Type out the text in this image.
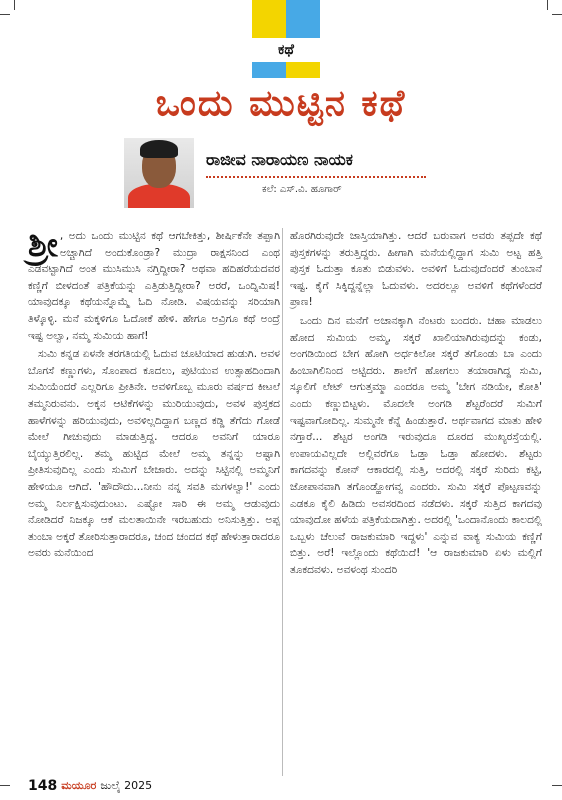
ಕಥೆ
ಒಂದು ಮುಟ್ಟಿನ ಕಥೆ
ರಾಜೀವ ನಾರಾಯಣ ನಾಯಕ
ಕಲೆ: ಎಸ್.ವಿ. ಹೂಗಾರ್

ಶ್ರೀ , ಅದು ಒಂದು ಮುಟ್ಟಿನ ಕಥೆ ಆಗಬೇಕಿತ್ತು, ಶೀರ್ಷಿಕೆನೇ ತಪ್ಪಾಗಿ ಅಚ್ಚಾಗಿದೆ ಅಂದುಕೊಂಡ್ರಾ? ಮುದ್ರಾ ರಾಕ್ಷಸನಿಂದ ಎಂಥ ಎಡವಟ್ಟಾಗಿದೆ ಅಂತ ಮುಸಿಮುಸಿ ನಗ್ತಿದ್ದೀರಾ? ಅಥವಾ ಹದಿಹರೆಯದವರ ಕಣ್ಣಿಗೆ ಬೀಳದಂತೆ ಪತ್ರಿಕೆಯನ್ನು ಎತ್ತಿಡುತ್ತಿದ್ದೀರಾ? ಅರರೆ, ಒಂದ್ನಿಮಿಷ! ಯಾವುದಕ್ಕೂ ಕಥೆಯನ್ನೊಮ್ಮೆ ಓದಿ ನೋಡಿ. ವಿಷಯವನ್ನು ಸರಿಯಾಗಿ ತಿಳ್ಕೊಳ್ಳಿ. ಮನೆ ಮಕ್ಕಳಿಗೂ ಓದೋಕೆ ಹೇಳಿ. ಹೇಗೂ ಅವ್ರಿಗೂ ಕಥೆ ಅಂದ್ರೆ ಇಷ್ಟ ಅಲ್ವಾ, ನಮ್ಮ ಸುಮಿಯ ಹಾಗೆ!

ಸುಮಿ ಕನ್ನಡ ಏಳನೇ ತರಗತಿಯಲ್ಲಿ ಓದುವ ಚೂಟಿಯಾದ ಹುಡುಗಿ. ಅವಳ ಬೊಗಸೆ ಕಣ್ಣುಗಳು, ಸೊಂಪಾದ ಕೂದಲು, ಪುಟಿಯುವ ಉತ್ಸಾಹದಿಂದಾಗಿ ಸುಮಿಯೆಂದರೆ ಎಲ್ಲರಿಗೂ ಪ್ರೀತಿನೇ. ಅವಳಿಗೊಬ್ಬ ಮೂರು ವರ್ಷದ ಕೀಟಲೆ ತಮ್ಮನಿರುವನು. ಅಕ್ಕನ ಆಟಿಕೆಗಳನ್ನು ಮುರಿಯುವುದು, ಅವಳ ಪುಸ್ತಕದ ಹಾಳೆಗಳನ್ನು ಹರಿಯುವುದು, ಅವಳಿಲ್ಲದಿದ್ದಾಗ ಬಣ್ಣದ ಕಡ್ಡಿ ತೆಗೆದು ಗೋಡೆ ಮೇಲೆ ಗೀಚುವುದು ಮಾಡುತ್ತಿದ್ದ. ಆದರೂ ಅವನಿಗೆ ಯಾರೂ ಬೈಯ್ಯುತ್ತಿರಲಿಲ್ಲ. ತಮ್ಮ ಹುಟ್ಟಿದ ಮೇಲೆ ಅಮ್ಮ ತನ್ನನ್ನು ಅಷ್ಟಾಗಿ ಪ್ರೀತಿಸುವುದಿಲ್ಲ ಎಂದು ಸುಮಿಗೆ ಬೇಜಾರು. ಅದನ್ನು ಸಿಟ್ಟಿನಲ್ಲಿ ಅಮ್ಮನಿಗೆ ಹೇಳಿಯೂ ಆಗಿದೆ. 'ಹೌದೌದು...ನೀನು ನನ್ನ ಸವತಿ ಮಗಳಲ್ವಾ!' ಎಂದು ಅಮ್ಮ ನಿರ್ಲಕ್ಷಿಸುವುದುಂಟು. ಎಷ್ಟೋ ಸಾರಿ ಈ ಅಮ್ಮ ಆಡುವುದು ನೋಡಿದರೆ ನಿಜಕ್ಕೂ ಆಕೆ ಮಲತಾಯಿನೇ ಇರಬಹುದು ಅನಿಸುತ್ತಿತ್ತು. ಅಪ್ಪ ತುಂಬಾ ಅಕ್ಕರೆ ತೋರಿಸುತ್ತಾರಾದರೂ, ಚಂದ ಚಂದದ ಕಥೆ ಹೇಳುತ್ತಾರಾದರೂ ಅವರು ಮನೆಯಿಂದ

ಹೊರಗಿರುವುದೇ ಜಾಸ್ತಿಯಾಗಿತ್ತು. ಆದರೆ ಬರುವಾಗ ಅವರು ತಪ್ಪದೇ ಕಥೆ ಪುಸ್ತಕಗಳನ್ನು ತರುತ್ತಿದ್ದರು. ಹೀಗಾಗಿ ಮನೆಯಲ್ಲಿದ್ದಾಗ ಸುಮಿ ಅಟ್ಟ ಹತ್ತಿ ಪುಸ್ತಕ ಓದುತ್ತಾ ಕೂತು ಬಿಡುವಳು. ಅವಳಿಗೆ ಓದುವುದೆಂದರೆ ತುಂಬಾನೆ ಇಷ್ಟ. ಕೈಗೆ ಸಿಕ್ಕಿದ್ದನ್ನೆಲ್ಲಾ ಓದುವಳು. ಅದರಲ್ಲೂ ಅವಳಿಗೆ ಕಥೆಗಳೆಂದರೆ ಪ್ರಾಣ!

ಒಂದು ದಿನ ಮನೆಗೆ ಅಚಾನಕ್ಕಾಗಿ ನೆಂಟರು ಬಂದರು. ಚಹಾ ಮಾಡಲು ಹೋದ ಸುಮಿಯ ಅಮ್ಮ, ಸಕ್ಕರೆ ಖಾಲಿಯಾಗಿರುವುದನ್ನು ಕಂಡು, ಅಂಗಡಿಯಿಂದ ಬೇಗ ಹೋಗಿ ಅರ್ಧಕಿಲೋ ಸಕ್ಕರೆ ತಗೊಂಡು ಬಾ ಎಂದು ಹಿಂಬಾಗಿಲಿನಿಂದ ಅಟ್ಟಿದರು. ಶಾಲೆಗೆ ಹೋಗಲು ತಯಾರಾಗಿದ್ದ ಸುಮಿ, ಸ್ಕೂಲಿಗೆ ಲೇಟ್ ಆಗುತ್ತಮ್ಮಾ ಎಂದರೂ ಅಮ್ಮ 'ಬೇಗ ನಡಿಯೇ, ಕೋತಿ' ಎಂದು ಕಣ್ಣುಬಿಟ್ಟಳು. ಮೊದಲೇ ಅಂಗಡಿ ಶೆಟ್ಟರೆಂದರೆ ಸುಮಿಗೆ ಇಷ್ಟವಾಗೋದಿಲ್ಲ. ಸುಮ್ಮನೇ ಕೆನ್ನೆ ಹಿಂಡುತ್ತಾರೆ. ಅರ್ಥವಾಗದ ಮಾತು ಹೇಳಿ ನಗ್ತಾರೆ... ಶೆಟ್ಟರ ಅಂಗಡಿ ಇರುವುದೂ ದೂರದ ಮುಖ್ಯರಸ್ತೆಯಲ್ಲಿ. ಉಪಾಯವಿಲ್ಲದೇ ಅಲ್ಲಿವರೆಗೂ ಓಡ್ತಾ ಓಡ್ತಾ ಹೋದಳು. ಶೆಟ್ಟರು ಕಾಗದವನ್ನು ಕೋನ್ ಆಕಾರದಲ್ಲಿ ಸುತ್ತಿ, ಅದರಲ್ಲಿ ಸಕ್ಕರೆ ಸುರಿದು ಕಟ್ಟಿ, ಜೋಪಾನವಾಗಿ ತಗೊಂಡ್ಹೋಗವ್ವ ಎಂದರು. ಸುಮಿ ಸಕ್ಕರೆ ಪೊಟ್ಟಣವನ್ನು ಎಡಕೂ ಕೈಲಿ ಹಿಡಿದು ಅವಸರದಿಂದ ನಡೆದಳು. ಸಕ್ಕರೆ ಸುತ್ತಿದ ಕಾಗದವು ಯಾವುದೋ ಹಳೆಯ ಪತ್ರಿಕೆಯದಾಗಿತ್ತು. ಅದರಲ್ಲಿ 'ಒಂದಾನೊಂದು ಕಾಲದಲ್ಲಿ ಒಬ್ಬಳು ಚೆಲುವೆ ರಾಜಕುಮಾರಿ ಇದ್ದಳು' ಎನ್ನುವ ವಾಕ್ಯ ಸುಮಿಯ ಕಣ್ಣಿಗೆ ಬಿತ್ತು. ಅರೆ! ಇಲ್ಲೊಂದು ಕಥೆಯಿದೆ! 'ಆ ರಾಜಕುಮಾರಿ ಏಳು ಮಲ್ಲಿಗೆ ತೂಕದವಳು. ಅವಳಂಥ ಸುಂದರಿ

148 ಮಯೂರ ಜುಲೈ 2025
